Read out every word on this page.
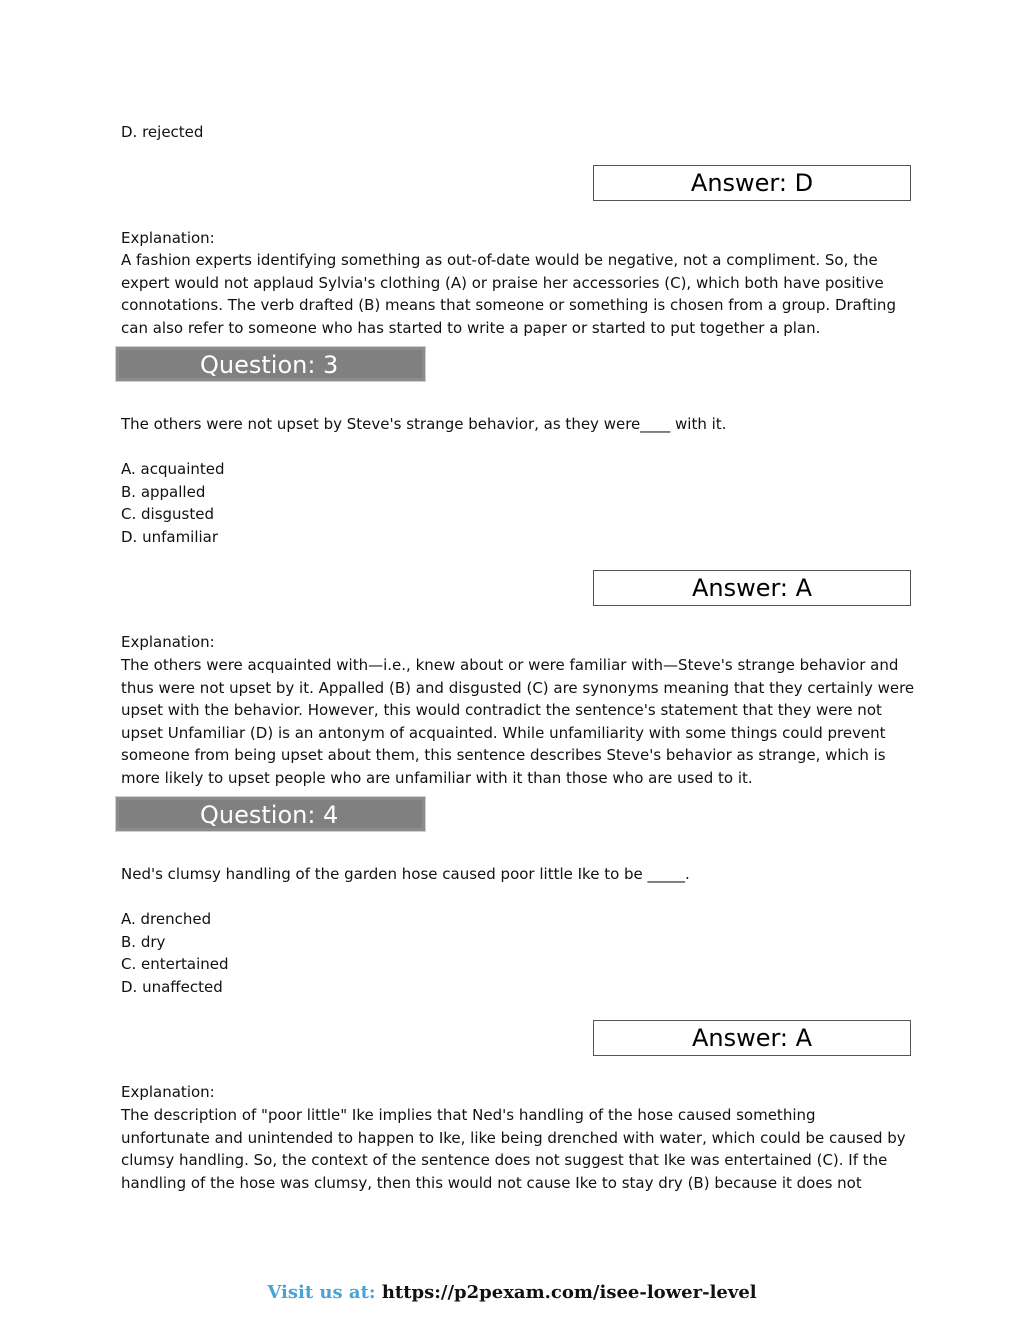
D. rejected
Answer: D
Explanation:
A fashion experts identifying something as out-of-date would be negative, not a compliment. So, the
expert would not applaud Sylvia's clothing (A) or praise her accessories (C), which both have positive
connotations. The verb drafted (B) means that someone or something is chosen from a group. Drafting
can also refer to someone who has started to write a paper or started to put together a plan.
Question: 3
The others were not upset by Steve's strange behavior, as they were____ with it.
A. acquainted
B. appalled
C. disgusted
D. unfamiliar
Answer: A
Explanation:
The others were acquainted with—i.e., knew about or were familiar with—Steve's strange behavior and
thus were not upset by it. Appalled (B) and disgusted (C) are synonyms meaning that they certainly were
upset with the behavior. However, this would contradict the sentence's statement that they were not
upset Unfamiliar (D) is an antonym of acquainted. While unfamiliarity with some things could prevent
someone from being upset about them, this sentence describes Steve's behavior as strange, which is
more likely to upset people who are unfamiliar with it than those who are used to it.
Question: 4
Ned's clumsy handling of the garden hose caused poor little Ike to be _____.
A. drenched
B. dry
C. entertained
D. unaffected
Answer: A
Explanation:
The description of "poor little" Ike implies that Ned's handling of the hose caused something
unfortunate and unintended to happen to Ike, like being drenched with water, which could be caused by
clumsy handling. So, the context of the sentence does not suggest that Ike was entertained (C). If the
handling of the hose was clumsy, then this would not cause Ike to stay dry (B) because it does not
Visit us at: https://p2pexam.com/isee-lower-level
